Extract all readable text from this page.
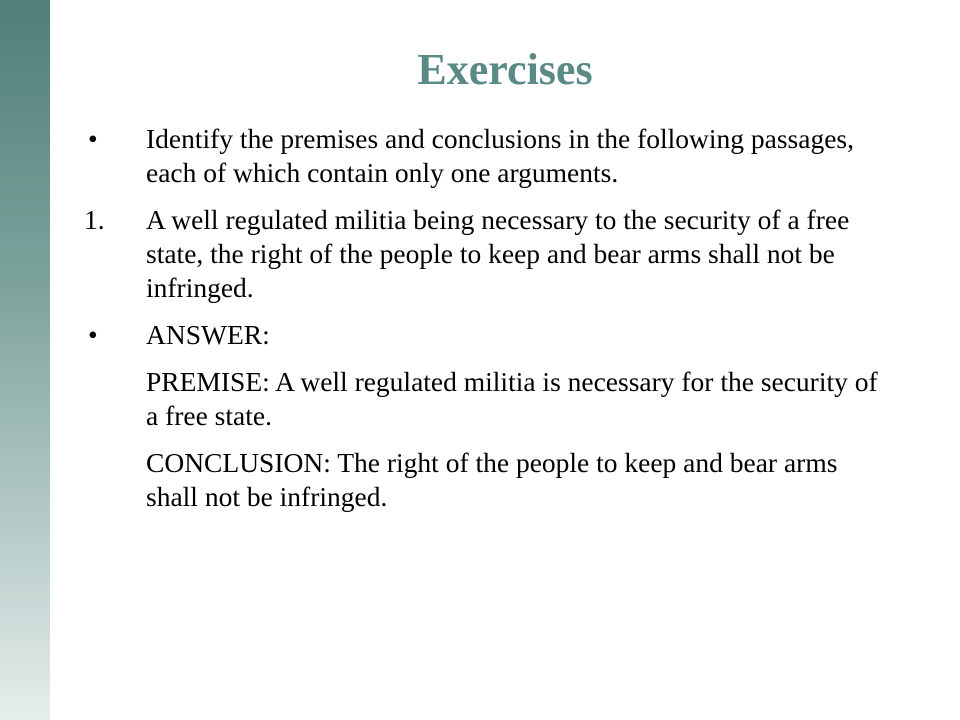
Exercises
•	Identify the premises and conclusions in the following passages, each of which contain only one arguments.
1.	A well regulated militia being necessary to the security of a free state, the right of the people to keep and bear arms shall not be infringed.
•	ANSWER:
PREMISE: A well regulated militia is necessary for the security of a free state.
CONCLUSION: The right of the people to keep and bear arms shall not be infringed.
